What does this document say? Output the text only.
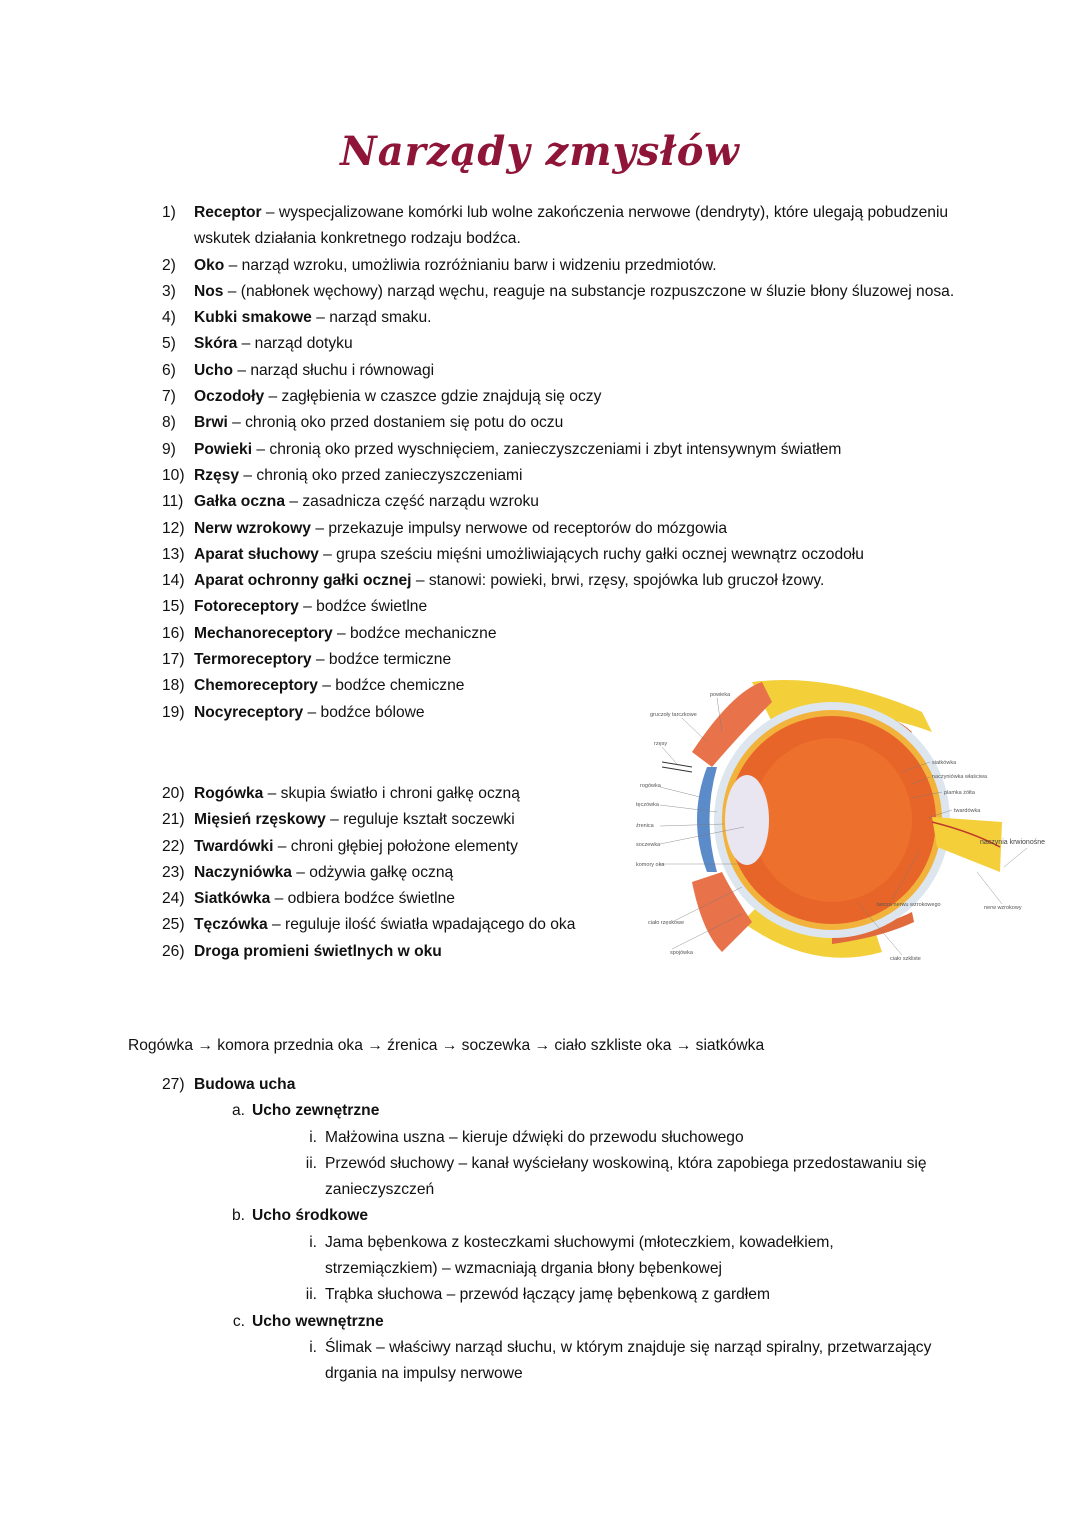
Narządy zmysłów
1)	Receptor – wyspecjalizowane komórki lub wolne zakończenia nerwowe (dendryty), które ulegają pobudzeniu wskutek działania konkretnego rodzaju bodźca.
2)	Oko – narząd wzroku, umożliwia rozróżnianiu barw i widzeniu przedmiotów.
3)	Nos – (nabłonek węchowy) narząd węchu, reaguje na substancje rozpuszczone w śluzie błony śluzowej nosa.
4)	Kubki smakowe – narząd smaku.
5)	Skóra – narząd dotyku
6)	Ucho – narząd słuchu i równowagi
7)	Oczodoły – zagłębienia w czaszce gdzie znajdują się oczy
8)	Brwi – chronią oko przed dostaniem się potu do oczu
9)	Powieki – chronią oko przed wyschnięciem, zanieczyszczeniami i zbyt intensywnym światłem
10) Rzęsy – chronią oko przed zanieczyszczeniami
11) Gałka oczna – zasadnicza część narządu wzroku
12) Nerw wzrokowy – przekazuje impulsy nerwowe od receptorów do mózgowia
13) Aparat słuchowy – grupa sześciu mięśni umożliwiających ruchy gałki ocznej wewnątrz oczodołu
14) Aparat ochronny gałki ocznej – stanowi: powieki, brwi, rzęsy, spojówka lub gruczoł łzowy.
15) Fotoreceptory – bodźce świetlne
16) Mechanoreceptory – bodźce mechaniczne
17) Termoreceptory – bodźce termiczne
18) Chemoreceptory – bodźce chemiczne
19) Nocyreceptory – bodźce bólowe
20) Rogówka – skupia światło i chroni gałkę oczną
21) Mięsień rzęskowy – reguluje kształt soczewki
22) Twardówki – chroni głębiej położone elementy
23) Naczyniówka – odżywia gałkę oczną
24) Siatkówka – odbiera bodźce świetlne
25) Tęczówka – reguluje ilość światła wpadającego do oka
26) Droga promieni świetlnych w oku
Rogówka → komora przednia oka → źrenica → soczewka → ciało szkliste oka → siatkówka
27) Budowa ucha
a. Ucho zewnętrzne
i. Małżowina uszna – kieruje dźwięki do przewodu słuchowego
ii. Przewód słuchowy – kanał wyściełany woskowiną, która zapobiega przedostawaniu się zanieczyszczeń
b. Ucho środkowe
i. Jama bębenkowa z kosteczkami słuchowymi (młoteczkiem, kowadełkiem, strzemiączkiem) – wzmacniają drgania błony bębenkowej
ii. Trąbka słuchowa – przewód łączący jamę bębenkową z gardłem
c. Ucho wewnętrzne
i. Ślimak – właściwy narząd słuchu, w którym znajduje się narząd spiralny, przetwarzający drgania na impulsy nerwowe
powieka
gruczoły tarczkowe
rzęsy
rogówka
tęczówka
źrenica
soczewka
komory oka
ciało rzęskowe
spojówka
siatkówka
naczyniówka właściwa
plamka żółta
twardówka
naczynia krwionośne
tarcza nerwu wzrokowego	nerw wzrokowy
ciało szkliste
